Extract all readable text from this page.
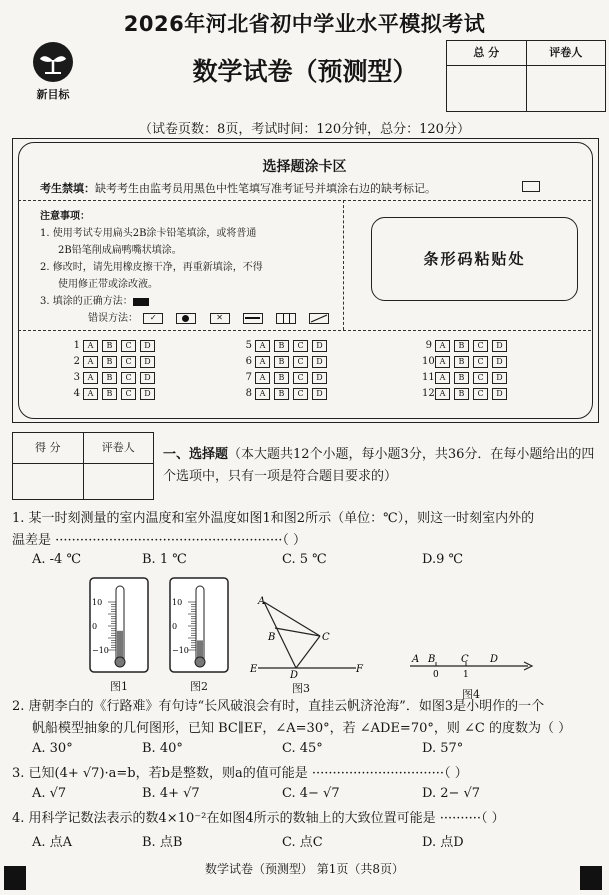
2026年河北省初中学业水平模拟考试
数学试卷（预测型）
新目标
总 分	评卷人
（试卷页数：8页，考试时间：120分钟，总分：120分）
选择题涂卡区
考生禁填：缺考考生由监考员用黑色中性笔填写准考证号并填涂右边的缺考标记。
注意事项：
1. 使用考试专用扁头2B涂卡铅笔填涂，或将普通
2B铅笔削成扁鸭嘴状填涂。
2. 修改时，请先用橡皮擦干净，再重新填涂，不得
使用修正带或涂改液。
3. 填涂的正确方法：
错误方法： ✓	✕

条形码粘贴处
1 A B C D
2 A B C D
3 A B C D
4 A B C D
5 A B C D
6 A B C D
7 A B C D
8 A B C D
9 A B C D
10 A B C D
11 A B C D
12 A B C D
得 分	评卷人	一、选择题（本大题共12个小题，每小题3分，共36分．在每小题给出的四个选项中，只有一项是符合题目要求的）
1. 某一时刻测量的室内温度和室外温度如图1和图2所示（单位：℃），则这一时刻室内外的
温差是 ·······················································（ ）
A. -4 ℃	B. 1 ℃	C. 5 ℃	D.9 ℃
10
0
−10
图1
10
0
−10
图2
A
B	C
E
D
F
图3
A B	C D
0	1
图4
2. 唐朝李白的《行路难》有句诗“长风破浪会有时，直挂云帆济沧海”．如图3是小明作的一个
帆船模型抽象的几何图形，已知 BC∥EF，∠A=30°，若 ∠ADE=70°，则 ∠C 的度数为（ ）
A. 30°	B. 40°	C. 45°	D. 57°
3. 已知(4+ √7)·a=b，若b是整数，则a的值可能是 ································（ ）
A. √7	B. 4+ √7	C. 4− √7	D. 2− √7
4. 用科学记数法表示的数4×10⁻²在如图4所示的数轴上的大致位置可能是 ··········（ ）
A. 点A	B. 点B	C. 点C	D. 点D
数学试卷（预测型） 第1页（共8页）
